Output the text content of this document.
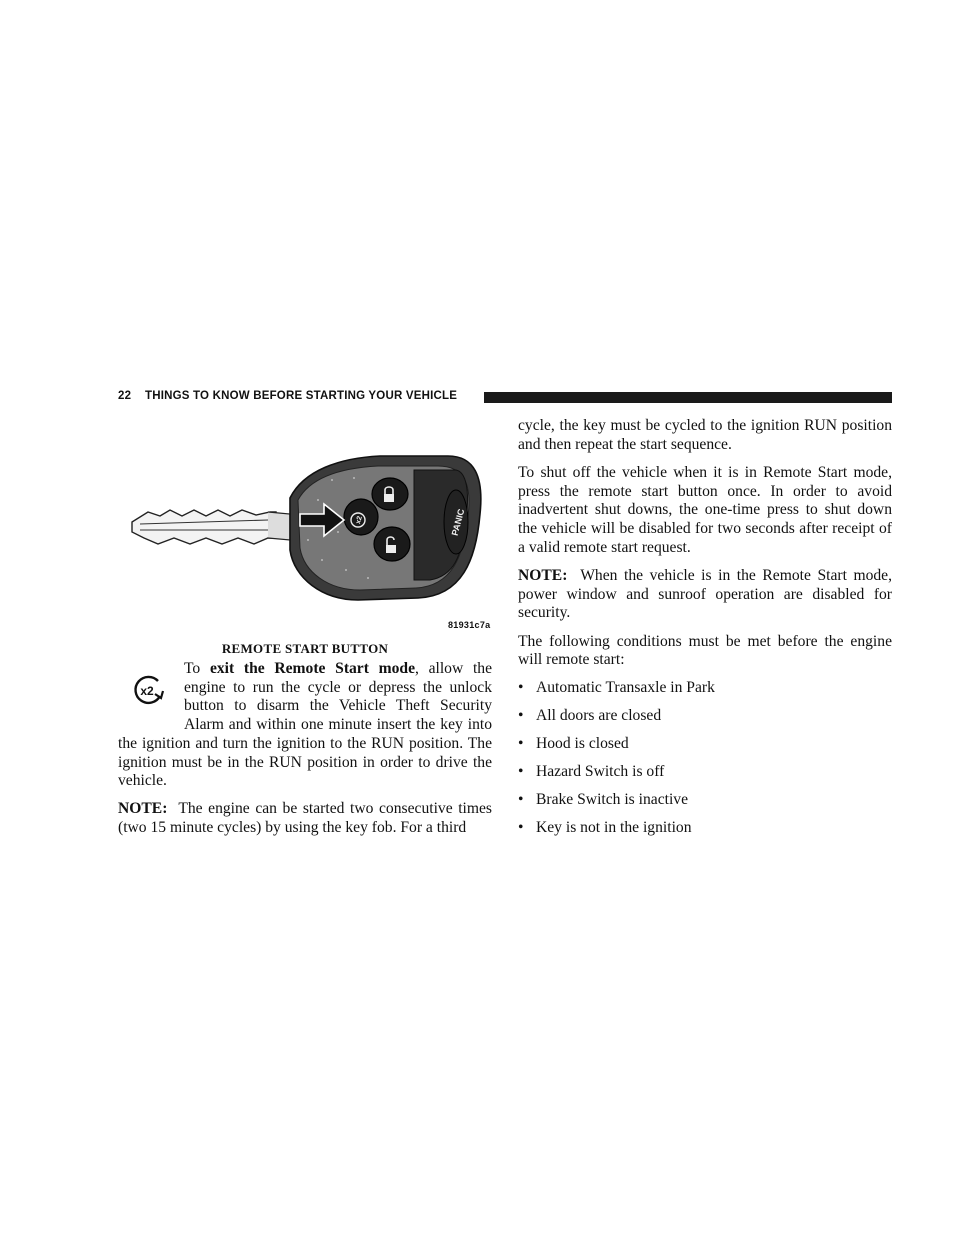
22 THINGS TO KNOW BEFORE STARTING YOUR VEHICLE
x2	PANIC
81931c7a
REMOTE START BUTTON
x2
To exit the Remote Start mode, allow the engine to run the cycle or depress the unlock button to disarm the Vehicle Theft Security Alarm and within one minute insert the key into the ignition and turn the ignition to the RUN position. The ignition must be in the RUN position in order to drive the vehicle.
NOTE: The engine can be started two consecutive times (two 15 minute cycles) by using the key fob. For a third

cycle, the key must be cycled to the ignition RUN position and then repeat the start sequence.

To shut off the vehicle when it is in Remote Start mode, press the remote start button once. In order to avoid inadvertent shut downs, the one-time press to shut down the vehicle will be disabled for two seconds after receipt of a valid remote start request.

NOTE: When the vehicle is in the Remote Start mode, power window and sunroof operation are disabled for security.

The following conditions must be met before the engine will remote start:

• Automatic Transaxle in Park
• All doors are closed
• Hood is closed
• Hazard Switch is off
• Brake Switch is inactive
• Key is not in the ignition
